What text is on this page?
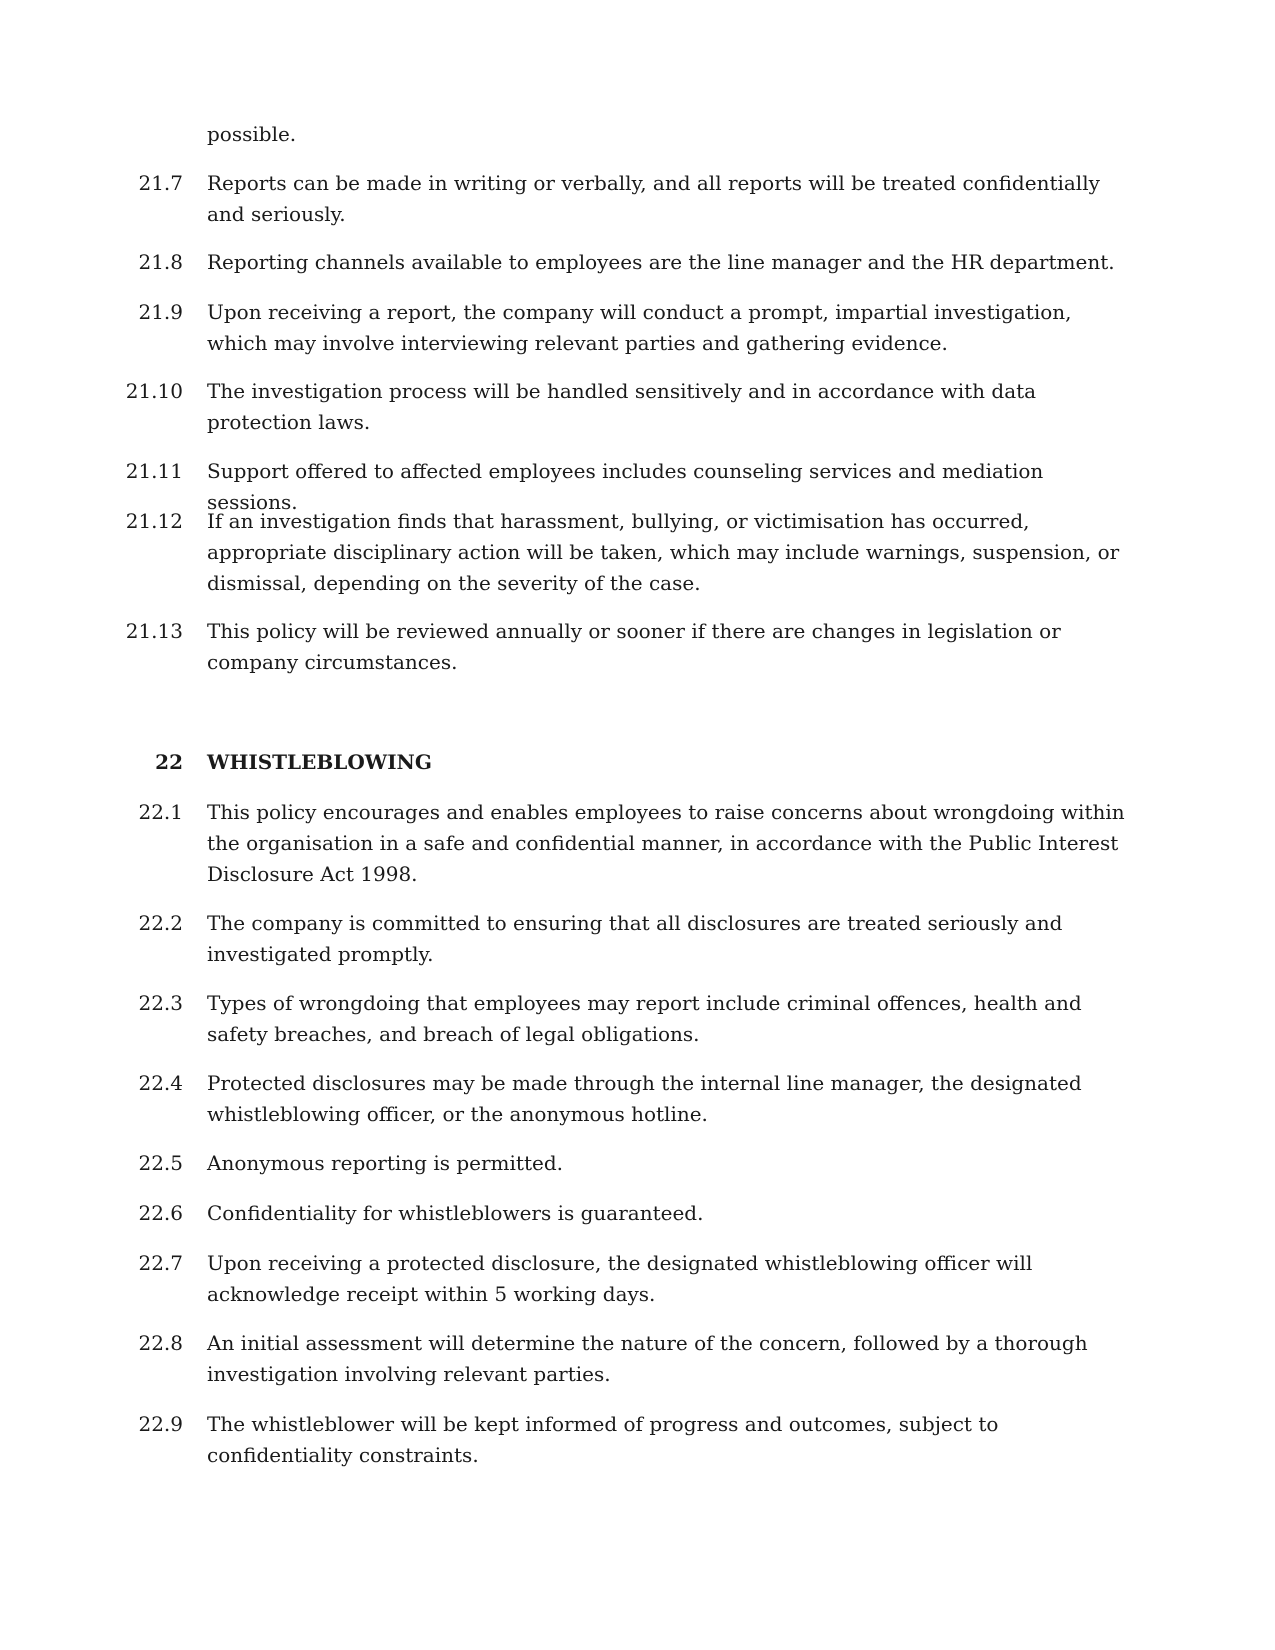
possible.
21.7 Reports can be made in writing or verbally, and all reports will be treated confidentially and seriously.
21.8 Reporting channels available to employees are the line manager and the HR department.
21.9 Upon receiving a report, the company will conduct a prompt, impartial investigation, which may involve interviewing relevant parties and gathering evidence.
21.10 The investigation process will be handled sensitively and in accordance with data protection laws.
21.11 Support offered to affected employees includes counseling services and mediation sessions.
21.12 If an investigation finds that harassment, bullying, or victimisation has occurred, appropriate disciplinary action will be taken, which may include warnings, suspension, or dismissal, depending on the severity of the case.
21.13 This policy will be reviewed annually or sooner if there are changes in legislation or company circumstances.
22 WHISTLEBLOWING
22.1 This policy encourages and enables employees to raise concerns about wrongdoing within the organisation in a safe and confidential manner, in accordance with the Public Interest Disclosure Act 1998.
22.2 The company is committed to ensuring that all disclosures are treated seriously and investigated promptly.
22.3 Types of wrongdoing that employees may report include criminal offences, health and safety breaches, and breach of legal obligations.
22.4 Protected disclosures may be made through the internal line manager, the designated whistleblowing officer, or the anonymous hotline.
22.5 Anonymous reporting is permitted.
22.6 Confidentiality for whistleblowers is guaranteed.
22.7 Upon receiving a protected disclosure, the designated whistleblowing officer will acknowledge receipt within 5 working days.
22.8 An initial assessment will determine the nature of the concern, followed by a thorough investigation involving relevant parties.
22.9 The whistleblower will be kept informed of progress and outcomes, subject to confidentiality constraints.
